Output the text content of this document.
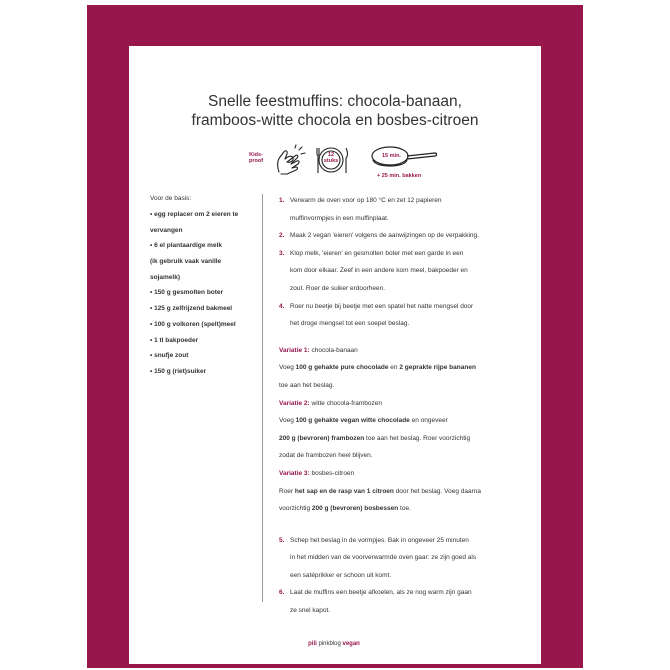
Snelle feestmuffins: chocola-banaan,
framboos-witte chocola en bosbes-citroen
Kids-
proof
12
stuks
15 min.
+ 25 min. bakken
Voor de basis:
• egg replacer om 2 eieren te
vervangen
• 6 el plantaardige melk
(ik gebruik vaak vanille
sojamelk)
• 150 g gesmolten boter
• 125 g zelfrijzend bakmeel
• 100 g volkoren (spelt)meel
• 1 tl bakpoeder
• snufje zout
• 150 g (riet)suiker
1. Verwarm de oven voor op 180 °C en zet 12 papieren
muffinvormpjes in een muffinplaat.
2. Maak 2 vegan 'eieren' volgens de aanwijzingen op de verpakking.
3. Klop melk, 'eieren' en gesmolten boter met een garde in een
kom door elkaar. Zeef in een andere kom meel, bakpoeder en
zout. Roer de suiker erdoorheen.
4. Roer nu beetje bij beetje met een spatel het natte mengsel door
het droge mengsel tot een soepel beslag.
Variatie 1: chocola-banaan
Voeg 100 g gehakte pure chocolade en 2 geprakte rijpe bananen
toe aan het beslag.
Variatie 2: witte chocola-frambozen
Voeg 100 g gehakte vegan witte chocolade en ongeveer
200 g (bevroren) frambozen toe aan het beslag. Roer voorzichtig
zodat de frambozen heel blijven.
Variatie 3: bosbes-citroen
Roer het sap en de rasp van 1 citroen door het beslag. Voeg daarna
voorzichtig 200 g (bevroren) bosbessen toe.
5. Schep het beslag in de vormpjes. Bak in ongeveer 25 minuten
in het midden van de voorverwarmde oven gaar: ze zijn goed als
een satéprikker er schoon uit komt.
6. Laat de muffins een beetje afkoelen, als ze nog warm zijn gaan
ze snel kapot.
pili pinkblog vegan
